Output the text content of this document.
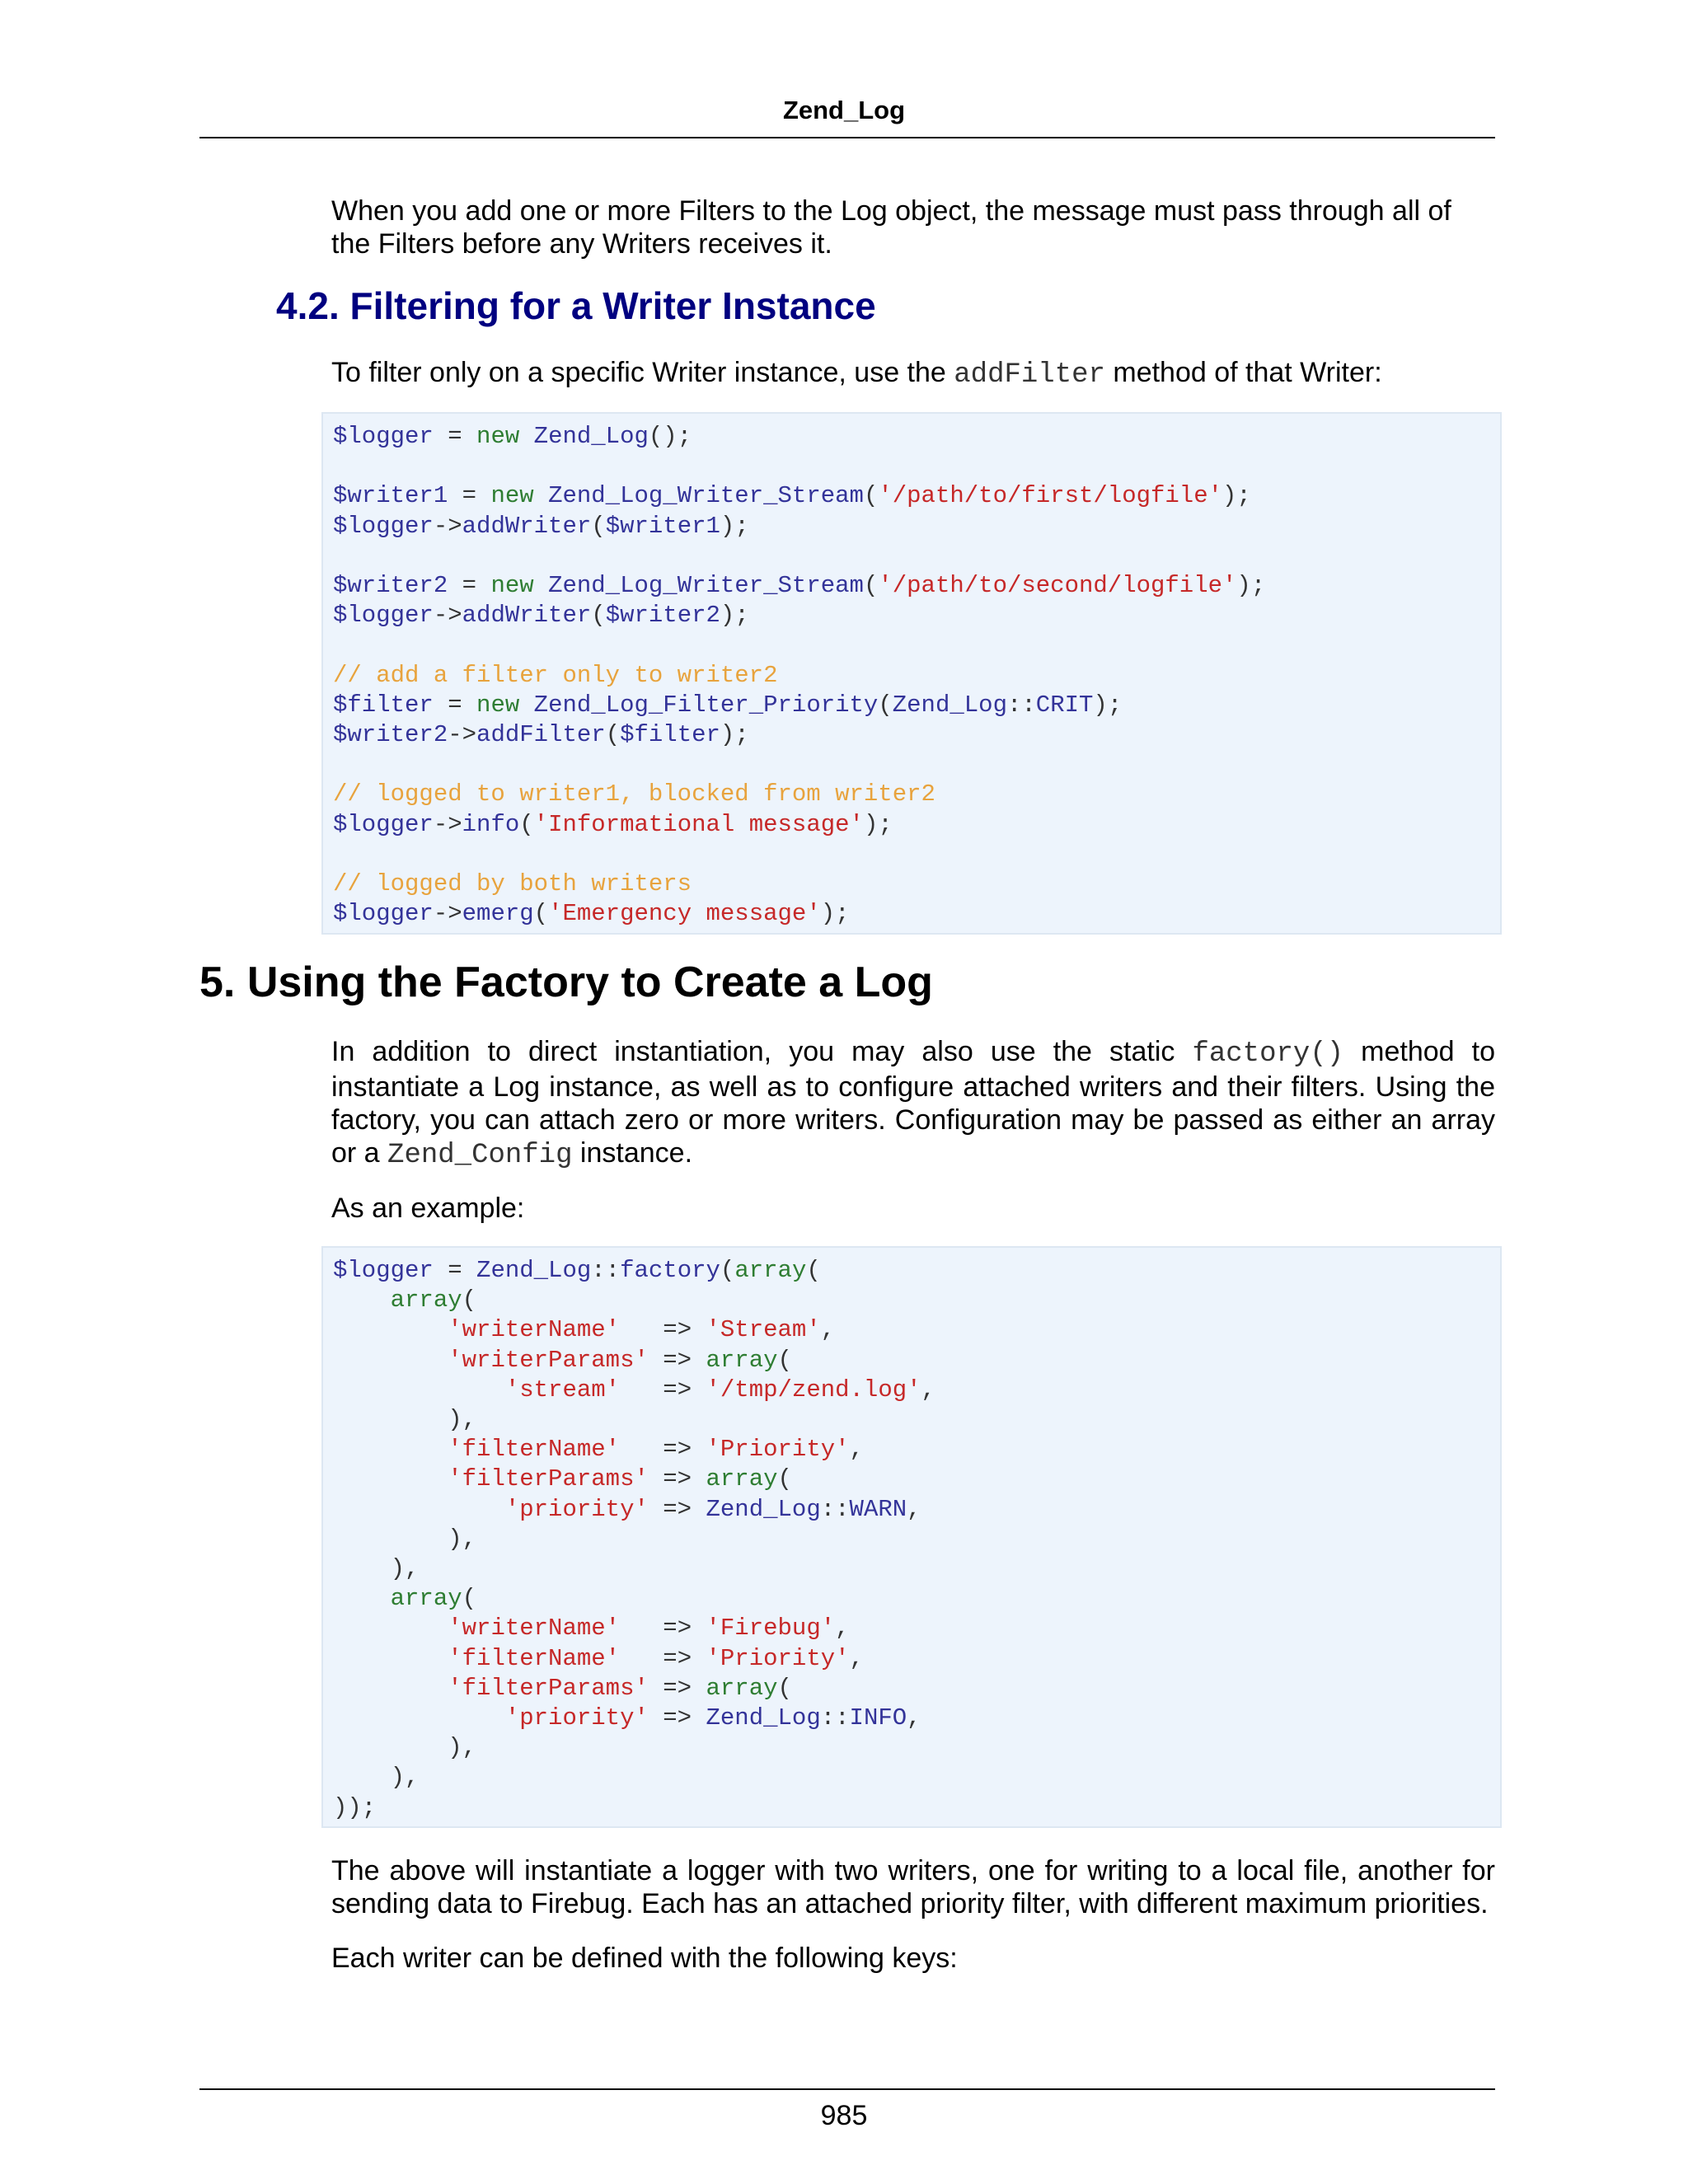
Zend_Log
When you add one or more Filters to the Log object, the message must pass through all of the Filters before any Writers receives it.
4.2. Filtering for a Writer Instance
To filter only on a specific Writer instance, use the addFilter method of that Writer:
$logger = new Zend_Log();

$writer1 = new Zend_Log_Writer_Stream('/path/to/first/logfile');
$logger->addWriter($writer1);

$writer2 = new Zend_Log_Writer_Stream('/path/to/second/logfile');
$logger->addWriter($writer2);

// add a filter only to writer2
$filter = new Zend_Log_Filter_Priority(Zend_Log::CRIT);
$writer2->addFilter($filter);

// logged to writer1, blocked from writer2
$logger->info('Informational message');

// logged by both writers
$logger->emerg('Emergency message');
5. Using the Factory to Create a Log
In addition to direct instantiation, you may also use the static factory() method to instantiate a Log instance, as well as to configure attached writers and their filters. Using the factory, you can attach zero or more writers. Configuration may be passed as either an array or a Zend_Config instance.
As an example:
$logger = Zend_Log::factory(array(
array(
'writerName'   => 'Stream',
'writerParams' => array(
'stream'   => '/tmp/zend.log',
),
'filterName'   => 'Priority',
'filterParams' => array(
'priority' => Zend_Log::WARN,
),
),
array(
'writerName'   => 'Firebug',
'filterName'   => 'Priority',
'filterParams' => array(
'priority' => Zend_Log::INFO,
),
),
));
The above will instantiate a logger with two writers, one for writing to a local file, another for sending data to Firebug. Each has an attached priority filter, with different maximum priorities.
Each writer can be defined with the following keys:
985
